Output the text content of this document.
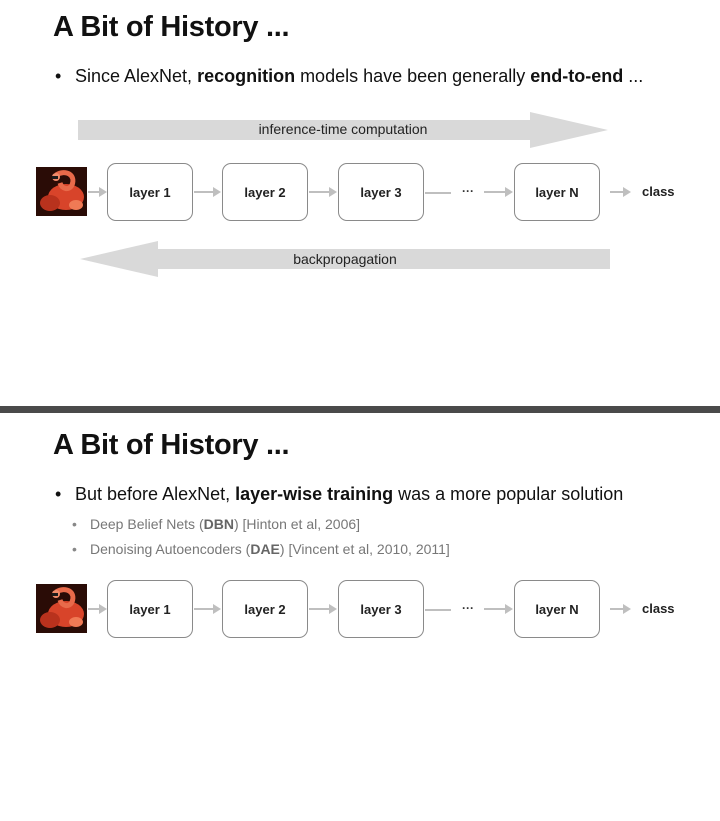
A Bit of History ...
• Since AlexNet, recognition models have been generally end-to-end ...
inference-time computation
layer 1	layer 2	layer 3	···	layer N	class
backpropagation
A Bit of History ...
• But before AlexNet, layer-wise training was a more popular solution
• Deep Belief Nets (DBN) [Hinton et al, 2006]
• Denoising Autoencoders (DAE) [Vincent et al, 2010, 2011]
layer 1	layer 2	layer 3	···	layer N	class
